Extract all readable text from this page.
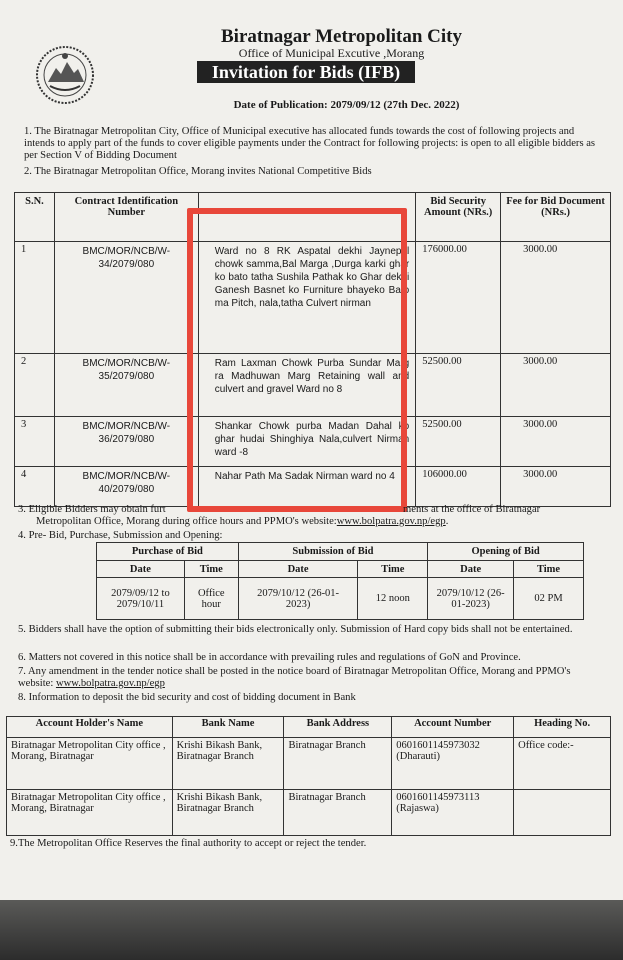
Biratnagar Metropolitan City
Office of Municipal Excutive ,Morang
Invitation for Bids (IFB)
Date of Publication: 2079/09/12 (27th Dec. 2022)
1. The Biratnagar Metropolitan City, Office of Municipal executive has allocated funds towards the cost of following projects and intends to apply part of the funds to cover eligible payments under the Contract for following projects: is open to all eligible bidders as per Section V of Bidding Document
2. The Biratnagar Metropolitan Office, Morang invites National Competitive Bids
S.N.	Contract Identification Number		Bid Security Amount (NRs.)	Fee for Bid Document (NRs.)
1	BMC/MOR/NCB/W-34/2079/080	Ward no 8 RK Aspatal dekhi Jaynepal chowk samma,Bal Marga ,Durga karki ghar ko bato tatha Sushila Pathak ko Ghar dekhi Ganesh Basnet ko Furniture bhayeko Bato ma Pitch, nala,tatha Culvert nirman	176000.00	3000.00
2	BMC/MOR/NCB/W-35/2079/080	Ram Laxman Chowk Purba Sundar Marg ra Madhuwan Marg Retaining wall and culvert and gravel Ward no 8	52500.00	3000.00
3	BMC/MOR/NCB/W-36/2079/080	Shankar Chowk purba Madan Dahal ko ghar hudai Shinghiya Nala,culvert Nirman ward -8	52500.00	3000.00
4	BMC/MOR/NCB/W-40/2079/080	Nahar Path Ma Sadak Nirman ward no 4	106000.00	3000.00
3. Eligible Bidders may obtain furt	ments at the office of Biratnagar
Metropolitan Office, Morang during office hours and PPMO's website:www.bolpatra.gov.np/egp.
4. Pre- Bid, Purchase, Submission and Opening:
Purchase of Bid		Submission of Bid		Opening of Bid	
Date	Time	Date	Time	Date	Time
2079/09/12 to 2079/10/11	Office hour	2079/10/12 (26-01-2023)	12 noon	2079/10/12 (26-01-2023)	02 PM
5. Bidders shall have the option of submitting their bids electronically only. Submission of Hard copy bids shall not be entertained.
6. Matters not covered in this notice shall be in accordance with prevailing rules and regulations of GoN and Province.
7. Any amendment in the tender notice shall be posted in the notice board of Biratnagar Metropolitan Office, Morang and PPMO's website: www.bolpatra.gov.np/egp
8. Information to deposit the bid security and cost of bidding document in Bank
Account Holder's Name	Bank Name	Bank Address	Account Number	Heading No.
Biratnagar Metropolitan City office , Morang, Biratnagar	Krishi Bikash Bank, Biratnagar Branch	Biratnagar Branch	0601601145973032 (Dharauti)	Office code:-
Biratnagar Metropolitan City office , Morang, Biratnagar	Krishi Bikash Bank, Biratnagar Branch	Biratnagar Branch	0601601145973113 (Rajaswa)	
9.The Metropolitan Office Reserves the final authority to accept or reject the tender.
